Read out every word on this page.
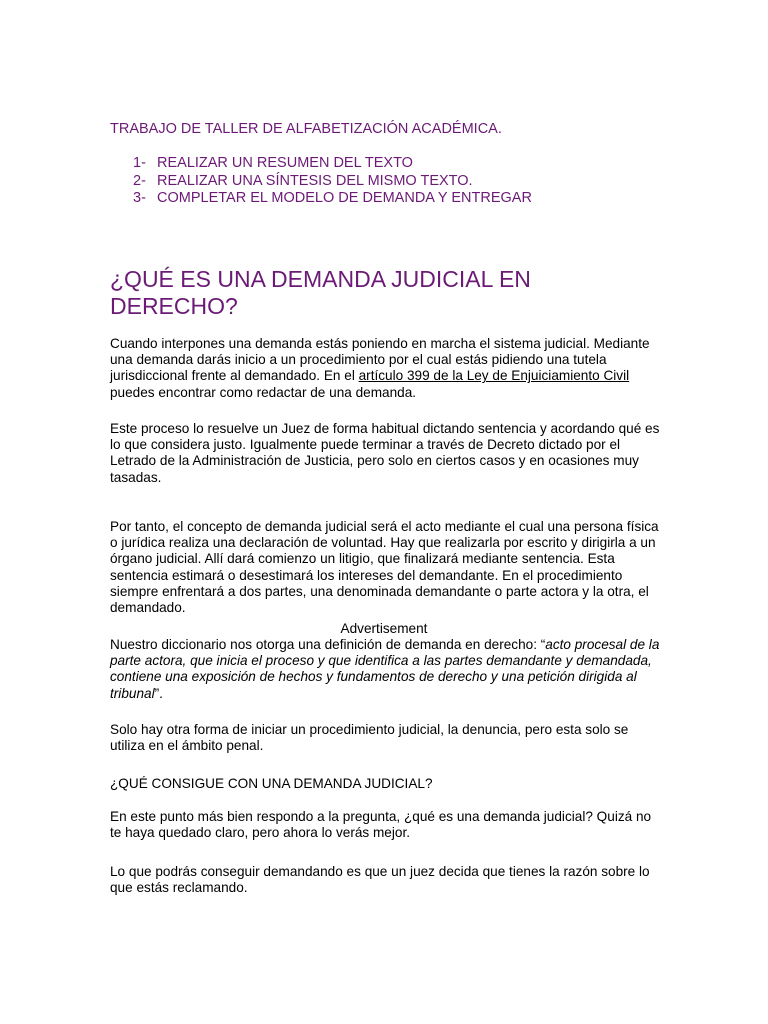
TRABAJO DE TALLER DE ALFABETIZACIÓN ACADÉMICA.
1- REALIZAR UN RESUMEN DEL TEXTO
2- REALIZAR UNA SÍNTESIS DEL MISMO TEXTO.
3- COMPLETAR EL MODELO DE DEMANDA Y ENTREGAR
¿QUÉ ES UNA DEMANDA JUDICIAL EN DERECHO?

Cuando interpones una demanda estás poniendo en marcha el sistema judicial. Mediante una demanda darás inicio a un procedimiento por el cual estás pidiendo una tutela jurisdiccional frente al demandado. En el artículo 399 de la Ley de Enjuiciamiento Civil puedes encontrar como redactar de una demanda.

Este proceso lo resuelve un Juez de forma habitual dictando sentencia y acordando qué es lo que considera justo. Igualmente puede terminar a través de Decreto dictado por el Letrado de la Administración de Justicia, pero solo en ciertos casos y en ocasiones muy tasadas.

Por tanto, el concepto de demanda judicial será el acto mediante el cual una persona física o jurídica realiza una declaración de voluntad. Hay que realizarla por escrito y dirigirla a un órgano judicial. Allí dará comienzo un litigio, que finalizará mediante sentencia. Esta sentencia estimará o desestimará los intereses del demandante. En el procedimiento siempre enfrentará a dos partes, una denominada demandante o parte actora y la otra, el demandado.

Advertisement

Nuestro diccionario nos otorga una definición de demanda en derecho: “acto procesal de la parte actora, que inicia el proceso y que identifica a las partes demandante y demandada, contiene una exposición de hechos y fundamentos de derecho y una petición dirigida al tribunal”.

Solo hay otra forma de iniciar un procedimiento judicial, la denuncia, pero esta solo se utiliza en el ámbito penal.

¿QUÉ CONSIGUE CON UNA DEMANDA JUDICIAL?

En este punto más bien respondo a la pregunta, ¿qué es una demanda judicial? Quizá no te haya quedado claro, pero ahora lo verás mejor.

Lo que podrás conseguir demandando es que un juez decida que tienes la razón sobre lo que estás reclamando.
